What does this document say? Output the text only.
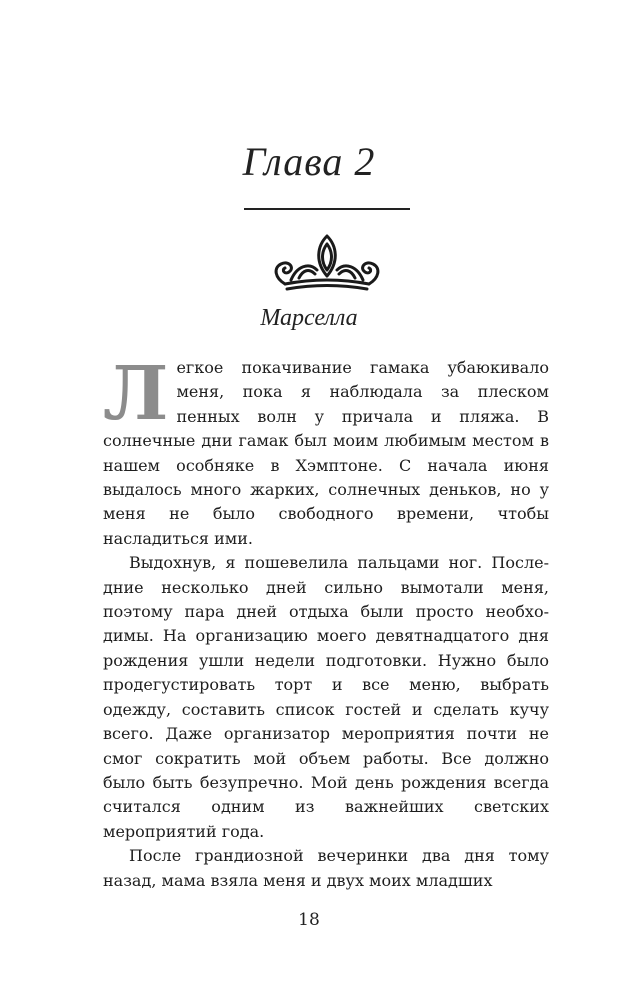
Глава 2
Марселла

Легкое покачивание гамака убаюкивало меня, пока я наблюдала за плеском пенных волн у причала и пляжа. В солнечные дни гамак был моим любимым местом в нашем особняке в Хэмптоне. С начала июня выдалось много жарких, солнечных деньков, но у меня не было свободного времени, чтобы насладиться ими.

Выдохнув, я пошевелила пальцами ног. Последние несколько дней сильно вымотали меня, поэтому пара дней отдыха были просто необходимы. На организацию моего девятнадцатого дня рождения ушли недели подготовки. Нужно было продегустировать торт и все меню, выбрать одежду, составить список гостей и сделать кучу всего. Даже организатор мероприятия почти не смог сократить мой объем работы. Все должно было быть безупречно. Мой день рождения всегда считался одним из важнейших светских мероприятий года.

После грандиозной вечеринки два дня тому назад, мама взяла меня и двух моих младших

18
